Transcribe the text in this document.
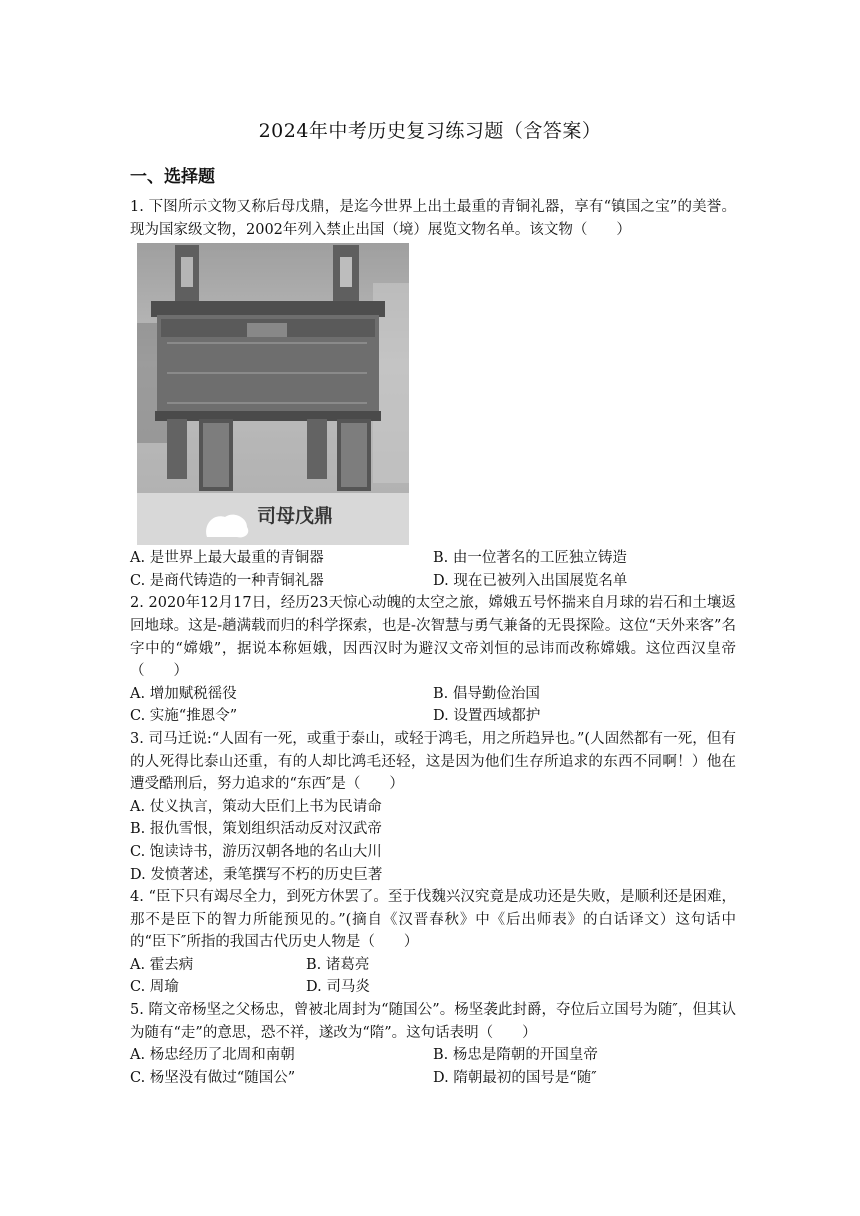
2024年中考历史复习练习题（含答案）
一、选择题

1. 下图所示文物又称后母戊鼎，是迄今世界上出土最重的青铜礼器，享有“镇国之宝”的美誉。现为国家级文物，2002年列入禁止出国（境）展览文物名单。该文物（　　）

司母戊鼎
A. 是世界上最大最重的青铜器	B. 由一位著名的工匠独立铸造
C. 是商代铸造的一种青铜礼器	D. 现在已被列入出国展览名单

2. 2020年12月17日，经历23天惊心动魄的太空之旅，嫦娥五号怀揣来自月球的岩石和土壤返回地球。这是-趟满载而归的科学探索，也是-次智慧与勇气兼备的无畏探险。这位“天外来客”名字中的“嫦娥”，据说本称姮娥，因西汉时为避汉文帝刘恒的忌讳而改称嫦娥。这位西汉皇帝（　　）

A. 增加赋税徭役	B. 倡导勤俭治国
C. 实施“推恩令”	D. 设置西域都护

3. 司马迁说:“人固有一死，或重于泰山，或轻于鸿毛，用之所趋异也。”(人固然都有一死，但有的人死得比泰山还重，有的人却比鸿毛还轻，这是因为他们生存所追求的东西不同啊！）他在遭受酷刑后，努力追求的“东西″是（　　）

A. 仗义执言，策动大臣们上书为民请命

B. 报仇雪恨，策划组织活动反对汉武帝

C. 饱读诗书，游历汉朝各地的名山大川

D. 发愤著述，秉笔撰写不朽的历史巨著

4. “臣下只有竭尽全力，到死方休罢了。至于伐魏兴汉究竟是成功还是失败，是顺利还是困难，那不是臣下的智力所能预见的。”(摘自《汉晋春秋》中《后出师表》的白话译文）这句话中的“臣下″所指的我国古代历史人物是（　　）

A. 霍去病	B. 诸葛亮
C. 周瑜	D. 司马炎

5. 隋文帝杨坚之父杨忠，曾被北周封为“随国公”。杨坚袭此封爵，夺位后立国号为随″，但其认为随有“走”的意思，恐不祥，遂改为“隋”。这句话表明（　　）

A. 杨忠经历了北周和南朝	B. 杨忠是隋朝的开国皇帝
C. 杨坚没有做过“随国公”	D. 隋朝最初的国号是“随″
